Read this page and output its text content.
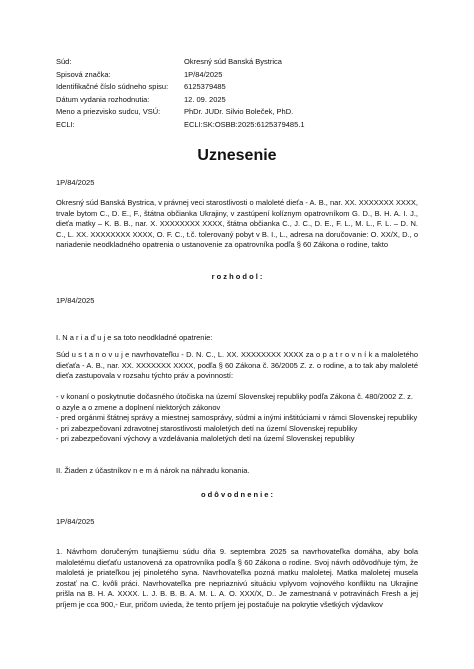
Súd:	Okresný súd Banská Bystrica
Spisová značka:	1P/84/2025
Identifikačné číslo súdneho spisu:	6125379485
Dátum vydania rozhodnutia:	12. 09. 2025
Meno a priezvisko sudcu, VSÚ:	PhDr. JUDr. Silvio Boleček, PhD.
ECLI:	ECLI:SK:OSBB:2025:6125379485.1
Uznesenie
1P/84/2025

Okresný súd Banská Bystrica, v právnej veci starostlivosti o maloleté dieťa - A. B., nar. XX. XXXXXXX XXXX, trvale bytom C., D. E., F., štátna občianka Ukrajiny, v zastúpení kolíznym opatrovníkom G. D., B. H. A. I. J., dieťa matky – K. B. B., nar. X. XXXXXXXX XXXX, štátna občianka C., J. C., D. E., F. L., M. L., F. L. – D. N. C., L. XX. XXXXXXXX XXXX, O. F. C., t.č. tolerovaný pobyt v B. I., L., adresa na doručovanie: O. XX/X, D., o nariadenie neodkladného opatrenia o ustanovenie za opatrovníka podľa § 60 Zákona o rodine, takto

r o z h o d o l :
1P/84/2025
I. N a r i a ď u j e sa toto neodkladné opatrenie:

Súd u s t a n o v u j e navrhovateľku - D. N. C., L. XX. XXXXXXXX XXXX za o p a t r o v n í k a maloletého dieťaťa - A. B., nar. XX. XXXXXXX XXXX, podľa § 60 Zákona č. 36/2005 Z. z. o rodine, a to tak aby maloleté dieťa zastupovala v rozsahu týchto práv a povinností:

- v konaní o poskytnutie dočasného útočiska na území Slovenskej republiky podľa Zákona č. 480/2002 Z. z. o azyle a o zmene a doplnení niektorých zákonov

- pred orgánmi štátnej správy a miestnej samosprávy, súdmi a inými inštitúciami v rámci Slovenskej republiky

- pri zabezpečovaní zdravotnej starostlivosti maloletých detí na území Slovenskej republiky

- pri zabezpečovaní výchovy a vzdelávania maloletých detí na území Slovenskej republiky

II. Žiaden z účastníkov n e m á nárok na náhradu konania.
o d ô v o d n e n i e :
1P/84/2025

1. Návrhom doručeným tunajšiemu súdu dňa 9. septembra 2025 sa navrhovateľka domáha, aby bola maloletému dieťaťu ustanovená za opatrovníka podľa § 60 Zákona o rodine. Svoj návrh odôvodňuje tým, že maloletá je priateľkou jej pinoletého syna. Navrhovateľka pozná matku maloletej. Matka maloletej musela zostať na C. kvôli práci. Navrhovateľka pre nepriaznivú situáciu vplyvom vojnového konfliktu na Ukrajine prišla na B. H. A. XXXX. L. J. B. B. B. A. M. L. A. O. XXX/X, D.. Je zamestnaná v potravinách Fresh a jej príjem je cca 900,- Eur, pričom uvieda, že tento príjem jej postačuje na pokrytie všetkých výdavkov
